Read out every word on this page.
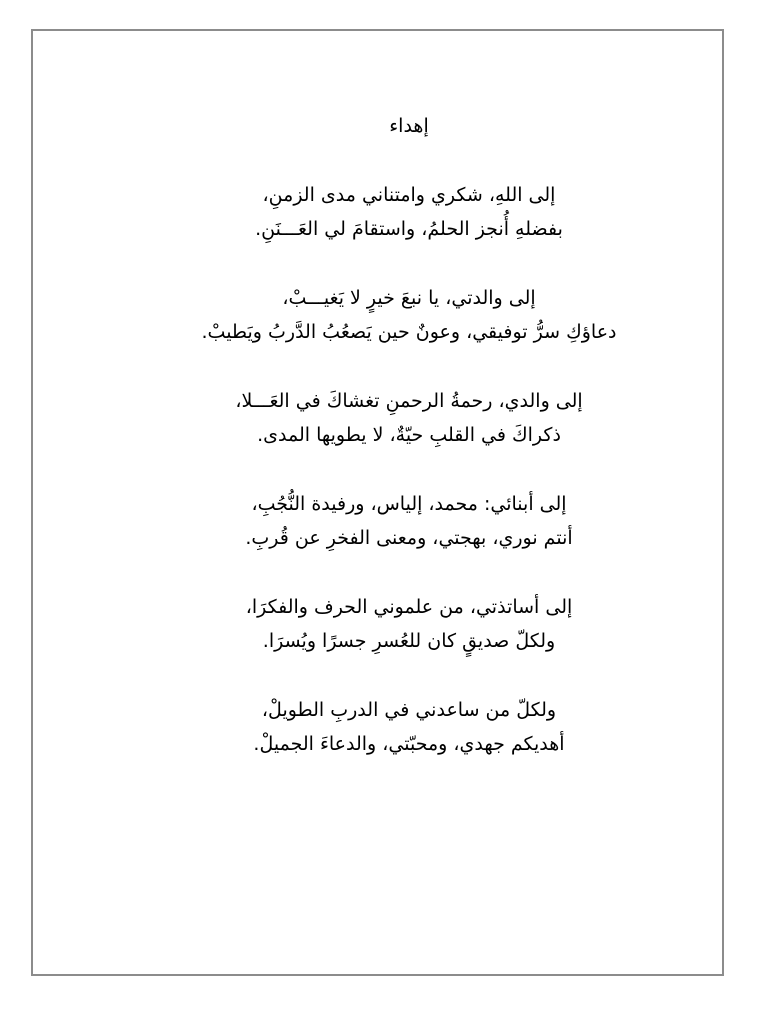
إهداء
إلى اللهِ، شكري وامتناني مدى الزمنِ،
بفضلهِ أُنجز الحلمُ، واستقامَ لي العَـــنَنِ.
إلى والدتي، يا نبعَ خيرٍ لا يَغيـــبْ،
دعاؤكِ سرُّ توفيقي، وعونٌ حين يَصعُبُ الدَّربُ ويَطيبْ.
إلى والدي، رحمةُ الرحمنِ تغشاكَ في العَـــلا،
ذكراكَ في القلبِ حيّةٌ، لا يطويها المدى.
إلى أبنائي: محمد، إلياس، ورفيدة النُّجُبِ،
أنتم نوري، بهجتي، ومعنى الفخرِ عن قُربِ.
إلى أساتذتي، من علموني الحرف والفكرَا،
ولكلّ صديقٍ كان للعُسرِ جسرًا ويُسرَا.
ولكلّ من ساعدني في الدربِ الطويلْ،
أهديكم جهدي، ومحبّتي، والدعاءَ الجميلْ.
